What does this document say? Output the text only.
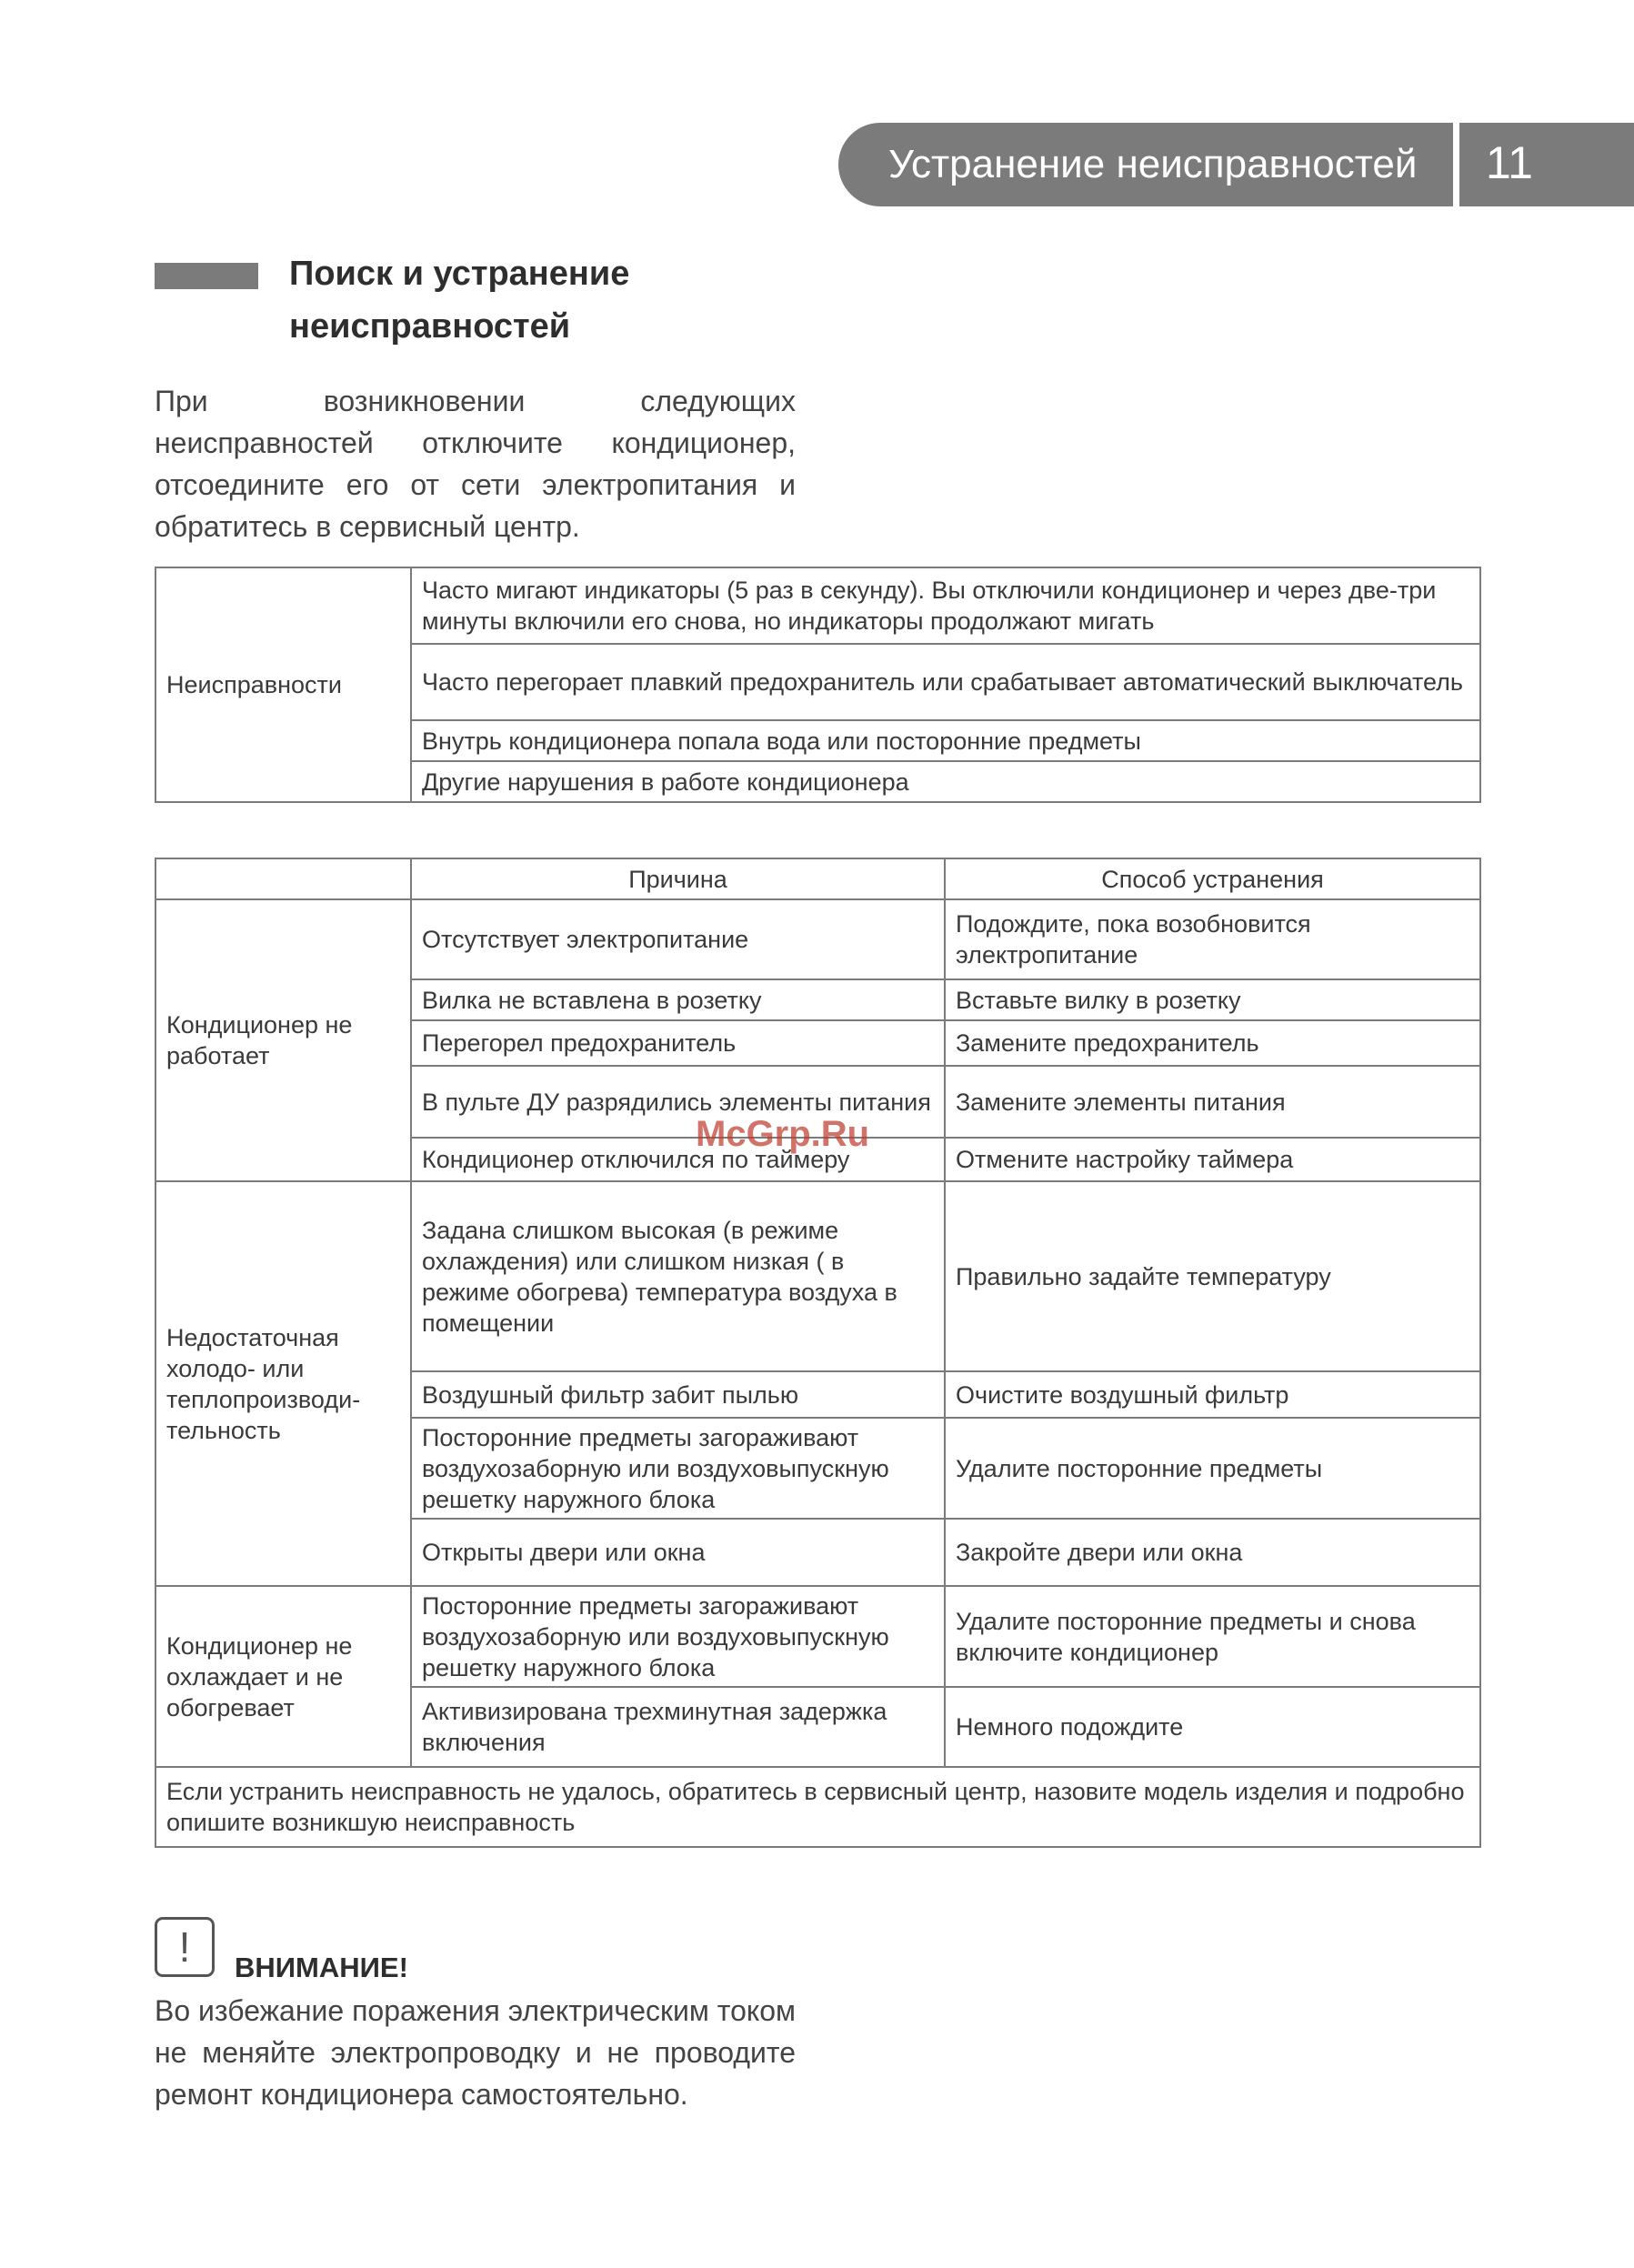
Устранение неисправностей 11
Поиск и устранение
неисправностей
При возникновении следующих неисправностей отключите кондиционер, отсоедините его от сети электропитания и обратитесь в сервисный центр.
Неисправности	Часто мигают индикаторы (5 раз в секунду). Вы отключили кондиционер и через две-три минуты включили его снова, но индикаторы продолжают мигать
Часто перегорает плавкий предохранитель или срабатывает автоматический выключатель
Внутрь кондиционера попала вода или посторонние предметы
Другие нарушения в работе кондиционера
	Причина	Способ устранения
Кондиционер не работает	Отсутствует электропитание	Подождите, пока возобновится электропитание
	Вилка не вставлена в розетку	Вставьте вилку в розетку
	Перегорел предохранитель	Замените предохранитель
	В пульте ДУ разрядились элементы питания	Замените элементы питания
	Кондиционер отключился по таймеру	Отмените настройку таймера
Недостаточная холодо- или теплопроизводи-тельность	Задана слишком высокая (в режиме охлаждения) или слишком низкая ( в режиме обогрева) температура воздуха в помещении	Правильно задайте температуру
	Воздушный фильтр забит пылью	Очистите воздушный фильтр
	Посторонние предметы загораживают воздухозаборную или воздуховыпускную решетку наружного блока	Удалите посторонние предметы
	Открыты двери или окна	Закройте двери или окна
Кондиционер не охлаждает и не обогревает	Посторонние предметы загораживают воздухозаборную или воздуховыпускную решетку наружного блока	Удалите посторонние предметы и снова включите кондиционер
	Активизирована трехминутная задержка включения	Немного подождите
Если устранить неисправность не удалось, обратитесь в сервисный центр, назовите модель изделия и подробно опишите возникшую неисправность		
McGrp.Ru
!	ВНИМАНИЕ!
Во избежание поражения электрическим током не меняйте электропроводку и не проводите ремонт кондиционера самостоятельно.
